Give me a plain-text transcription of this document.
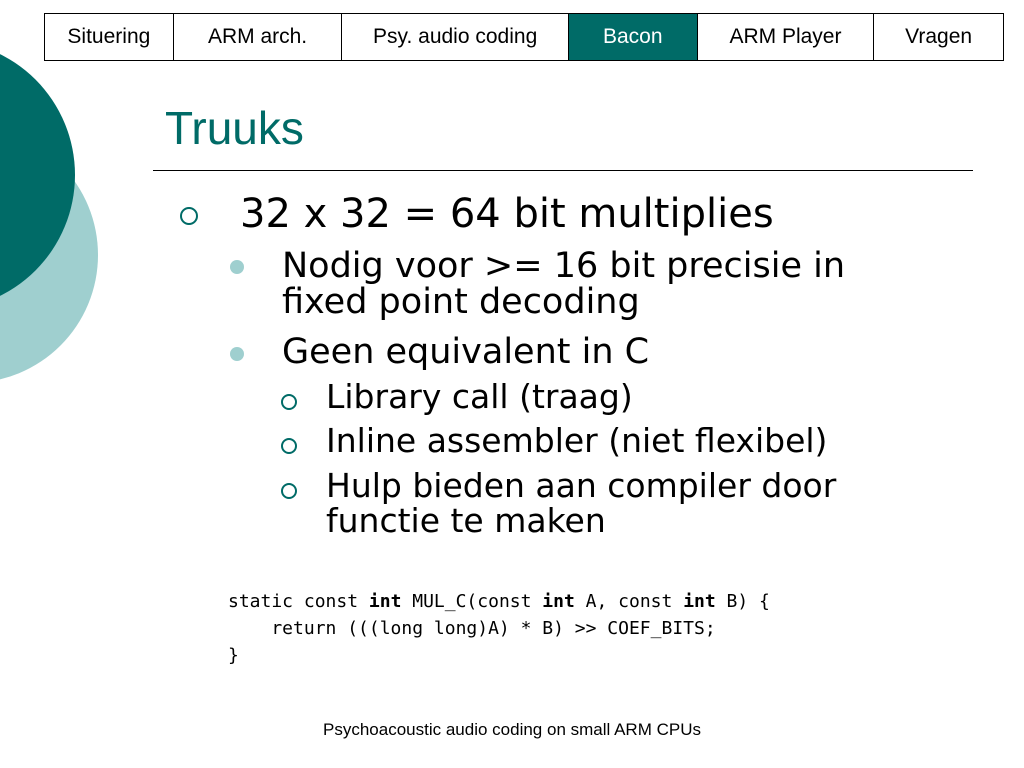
Situering	ARM arch.	Psy. audio coding	Bacon	ARM Player	Vragen
Truuks
32 x 32 = 64 bit multiplies
Nodig voor >= 16 bit precisie in
fixed point decoding
Geen equivalent in C
Library call (traag)
Inline assembler (niet flexibel)
Hulp bieden aan compiler door
functie te maken
static const int MUL_C(const int A, const int B) {
return (((long long)A) * B) >> COEF_BITS;
}
Psychoacoustic audio coding on small ARM CPUs
